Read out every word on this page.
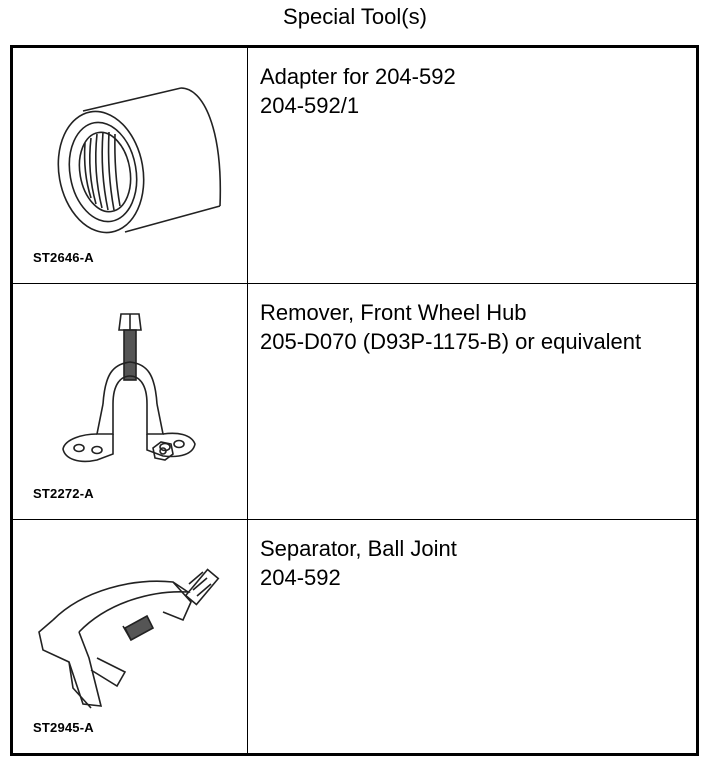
Special Tool(s)
ST2646-A
Adapter for 204-592
204-592/1
ST2272-A
Remover, Front Wheel Hub
205-D070 (D93P-1175-B) or equivalent
ST2945-A
Separator, Ball Joint
204-592
